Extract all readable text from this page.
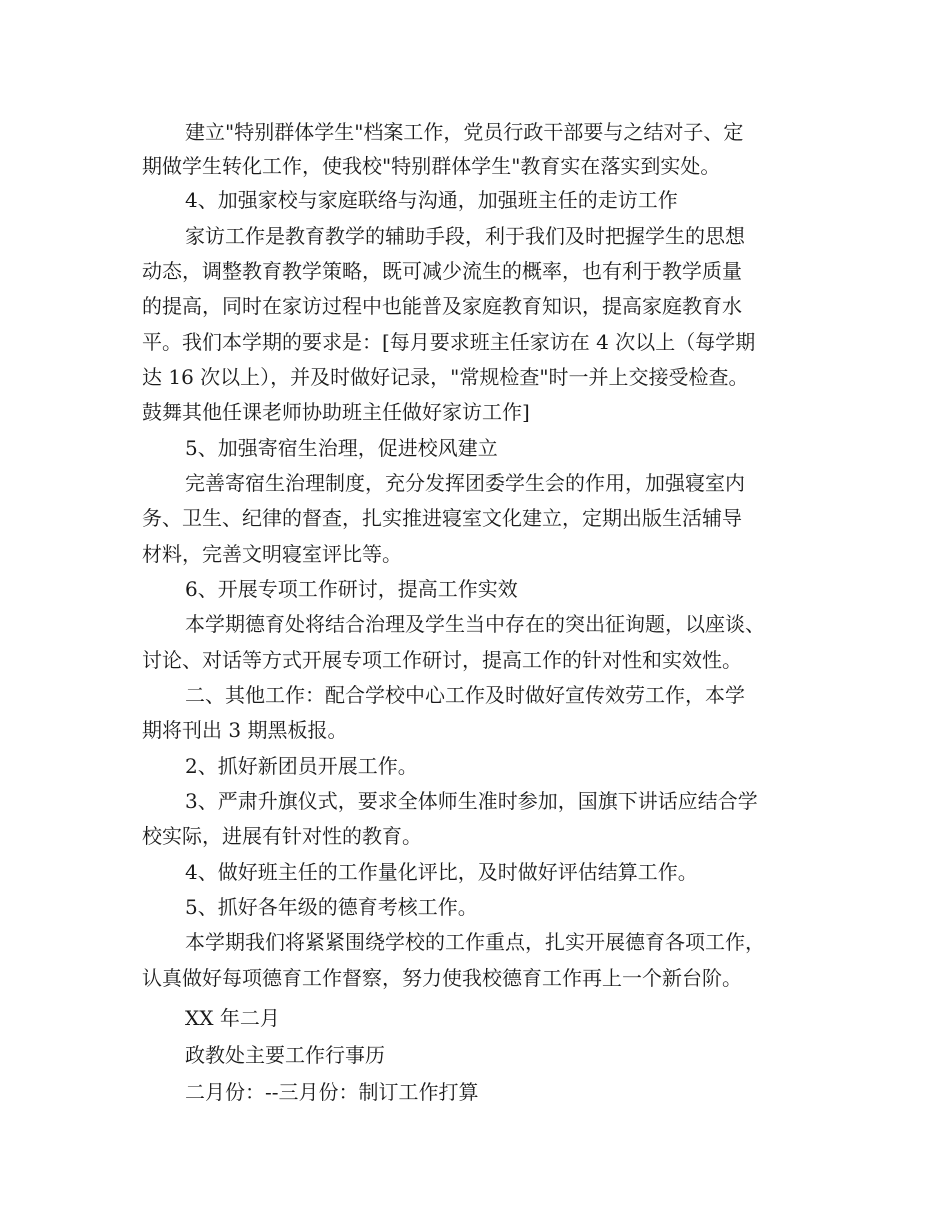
建立"特别群体学生"档案工作，党员行政干部要与之结对子、定
期做学生转化工作，使我校"特别群体学生"教育实在落实到实处。
4、加强家校与家庭联络与沟通，加强班主任的走访工作
家访工作是教育教学的辅助手段，利于我们及时把握学生的思想
动态，调整教育教学策略，既可减少流生的概率，也有利于教学质量
的提高，同时在家访过程中也能普及家庭教育知识，提高家庭教育水
平。我们本学期的要求是：[每月要求班主任家访在 4 次以上（每学期
达 16 次以上），并及时做好记录，"常规检查"时一并上交接受检查。
鼓舞其他任课老师协助班主任做好家访工作]
5、加强寄宿生治理，促进校风建立
完善寄宿生治理制度，充分发挥团委学生会的作用，加强寝室内
务、卫生、纪律的督查，扎实推进寝室文化建立，定期出版生活辅导
材料，完善文明寝室评比等。
6、开展专项工作研讨，提高工作实效
本学期德育处将结合治理及学生当中存在的突出征询题，以座谈、
讨论、对话等方式开展专项工作研讨，提高工作的针对性和实效性。
二、其他工作：配合学校中心工作及时做好宣传效劳工作，本学
期将刊出 3 期黑板报。
2、抓好新团员开展工作。
3、严肃升旗仪式，要求全体师生准时参加，国旗下讲话应结合学
校实际，进展有针对性的教育。
4、做好班主任的工作量化评比，及时做好评估结算工作。
5、抓好各年级的德育考核工作。
本学期我们将紧紧围绕学校的工作重点，扎实开展德育各项工作，
认真做好每项德育工作督察，努力使我校德育工作再上一个新台阶。
XX 年二月
政教处主要工作行事历
二月份：--三月份：制订工作打算
